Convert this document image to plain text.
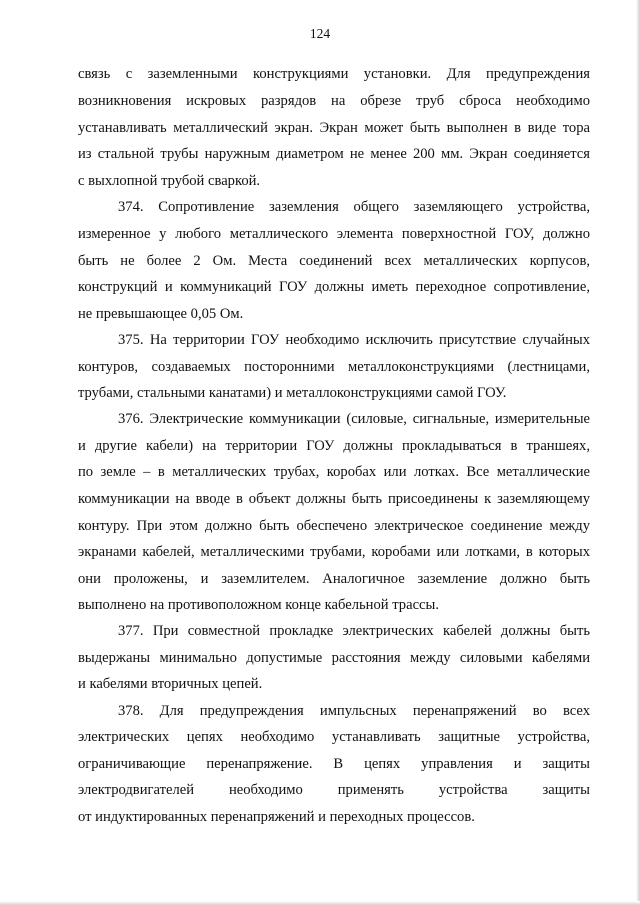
124
связь с заземленными конструкциями установки. Для предупреждения
возникновения искровых разрядов на обрезе труб сброса необходимо
устанавливать металлический экран. Экран может быть выполнен в виде тора
из стальной трубы наружным диаметром не менее 200 мм. Экран соединяется
с выхлопной трубой сваркой.
374. Сопротивление заземления общего заземляющего устройства,
измеренное у любого металлического элемента поверхностной ГОУ, должно
быть не более 2 Ом. Места соединений всех металлических корпусов,
конструкций и коммуникаций ГОУ должны иметь переходное сопротивление,
не превышающее 0,05 Ом.
375. На территории ГОУ необходимо исключить присутствие случайных
контуров, создаваемых посторонними металлоконструкциями (лестницами,
трубами, стальными канатами) и металлоконструкциями самой ГОУ.
376. Электрические коммуникации (силовые, сигнальные, измерительные
и другие кабели) на территории ГОУ должны прокладываться в траншеях,
по земле – в металлических трубах, коробах или лотках. Все металлические
коммуникации на вводе в объект должны быть присоединены к заземляющему
контуру. При этом должно быть обеспечено электрическое соединение между
экранами кабелей, металлическими трубами, коробами или лотками, в которых
они проложены, и заземлителем. Аналогичное заземление должно быть
выполнено на противоположном конце кабельной трассы.
377. При совместной прокладке электрических кабелей должны быть
выдержаны минимально допустимые расстояния между силовыми кабелями
и кабелями вторичных цепей.
378. Для предупреждения импульсных перенапряжений во всех
электрических цепях необходимо устанавливать защитные устройства,
ограничивающие перенапряжение. В цепях управления и защиты
электродвигателей необходимо применять устройства защиты
от индуктированных перенапряжений и переходных процессов.
